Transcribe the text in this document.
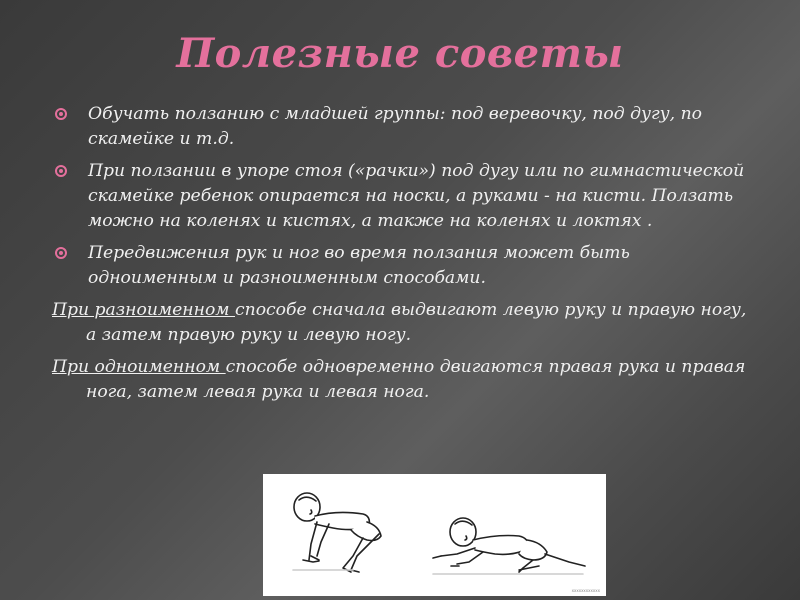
Полезные советы
Обучать ползанию с младшей группы: под веревочку, под дугу, по скамейке и т.д.
При ползании в упоре стоя («рачки») под дугу или по гимнастической скамейке ребенок опирается на носки, а руками - на кисти. Ползать можно на коленях и кистях, а также на коленях и локтях .
Передвижения рук и ног во время ползания может быть одноименным и разноименным способами.
При разноименном способе сначала выдвигают левую руку и правую ногу, а затем правую руку и левую ногу.
При одноименном способе одновременно двигаются правая рука и правая нога, затем левая рука и левая нога.
xxxxxxxxxxxx
